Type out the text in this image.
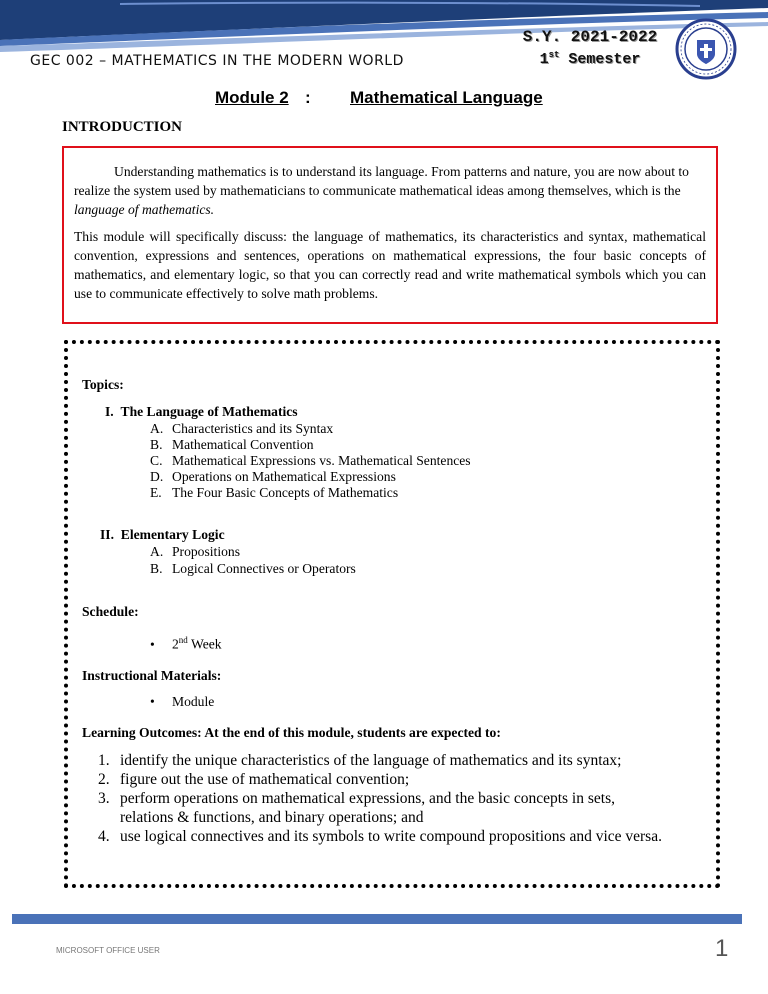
GEC 002 – MATHEMATICS IN THE MODERN WORLD
S.Y. 2021-2022
1st Semester
Module 2 : Mathematical Language
INTRODUCTION

Understanding mathematics is to understand its language. From patterns and nature, you are now about to realize the system used by mathematicians to communicate mathematical ideas among themselves, which is the language of mathematics.

This module will specifically discuss: the language of mathematics, its characteristics and syntax, mathematical convention, expressions and sentences, operations on mathematical expressions, the four basic concepts of mathematics, and elementary logic, so that you can correctly read and write mathematical symbols which you can use to communicate effectively to solve math problems.

Topics:
I. The Language of Mathematics
A. Characteristics and its Syntax
B. Mathematical Convention
C. Mathematical Expressions vs. Mathematical Sentences
D. Operations on Mathematical Expressions
E. The Four Basic Concepts of Mathematics
II. Elementary Logic
A. Propositions
B. Logical Connectives or Operators
Schedule:
• 2nd Week
Instructional Materials:
• Module
Learning Outcomes: At the end of this module, students are expected to:
1. identify the unique characteristics of the language of mathematics and its syntax;
2. figure out the use of mathematical convention;
3. perform operations on mathematical expressions, and the basic concepts in sets,
relations & functions, and binary operations; and
4. use logical connectives and its symbols to write compound propositions and vice versa.
MICROSOFT OFFICE USER	1
